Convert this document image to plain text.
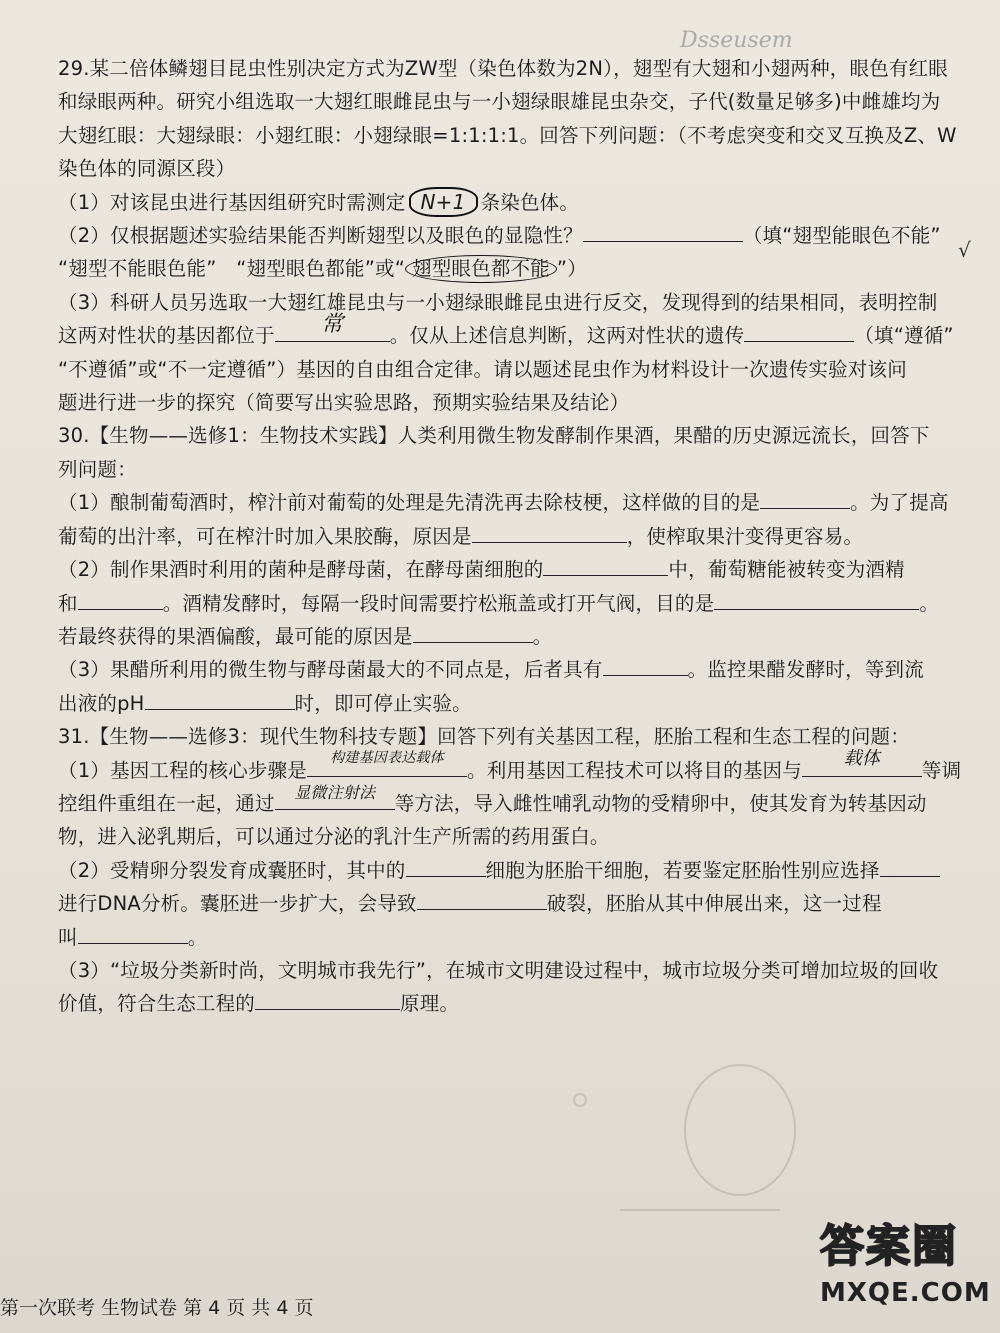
Dsseusem
√
29.某二倍体鳞翅目昆虫性别决定方式为ZW型（染色体数为2N），翅型有大翅和小翅两种，眼色有红眼
和绿眼两种。研究小组选取一大翅红眼雌昆虫与一小翅绿眼雄昆虫杂交，子代(数量足够多)中雌雄均为
大翅红眼：大翅绿眼：小翅红眼：小翅绿眼=1:1:1:1。回答下列问题：（不考虑突变和交叉互换及Z、W
染色体的同源区段）
（1）对该昆虫进行基因组研究时需测定 N+1 条染色体。
（2）仅根据题述实验结果能否判断翅型以及眼色的显隐性？	（填“翅型能眼色不能”
“翅型不能眼色能”　“翅型眼色都能”或“ 翅型眼色都不能 ”）
（3）科研人员另选取一大翅红雄昆虫与一小翅绿眼雌昆虫进行反交，发现得到的结果相同，表明控制
这两对性状的基因都位于	常	。仅从上述信息判断，这两对性状的遗传	（填“遵循”
“不遵循”或“不一定遵循”）基因的自由组合定律。请以题述昆虫作为材料设计一次遗传实验对该问
题进行进一步的探究（简要写出实验思路，预期实验结果及结论）
30.【生物——选修1：生物技术实践】人类利用微生物发酵制作果酒，果醋的历史源远流长，回答下
列问题：
（1）酿制葡萄酒时，榨汁前对葡萄的处理是先清洗再去除枝梗，这样做的目的是	。为了提高
葡萄的出汁率，可在榨汁时加入果胶酶，原因是	，使榨取果汁变得更容易。
（2）制作果酒时利用的菌种是酵母菌，在酵母菌细胞的	中，葡萄糖能被转变为酒精
和	。酒精发酵时，每隔一段时间需要拧松瓶盖或打开气阀，目的是	。
若最终获得的果酒偏酸，最可能的原因是	。
（3）果醋所利用的微生物与酵母菌最大的不同点是，后者具有	。监控果醋发酵时，等到流
出液的pH	时，即可停止实验。
31.【生物——选修3：现代生物科技专题】回答下列有关基因工程，胚胎工程和生态工程的问题：
（1）基因工程的核心步骤是
构建基因表达载体
。利用基因工程技术可以将目的基因与	载体	等调
控组件重组在一起，通过	显微注射法	等方法，导入雌性哺乳动物的受精卵中，使其发育为转基因动
物，进入泌乳期后，可以通过分泌的乳汁生产所需的药用蛋白。
（2）受精卵分裂发育成囊胚时，其中的	细胞为胚胎干细胞，若要鉴定胚胎性别应选择
进行DNA分析。囊胚进一步扩大，会导致	破裂，胚胎从其中伸展出来，这一过程
叫	。
（3）“垃圾分类新时尚，文明城市我先行”，在城市文明建设过程中，城市垃圾分类可增加垃圾的回收
价值，符合生态工程的	原理。
第一次联考 生物试卷 第 4 页 共 4 页
答案圈
MXQE.COM
